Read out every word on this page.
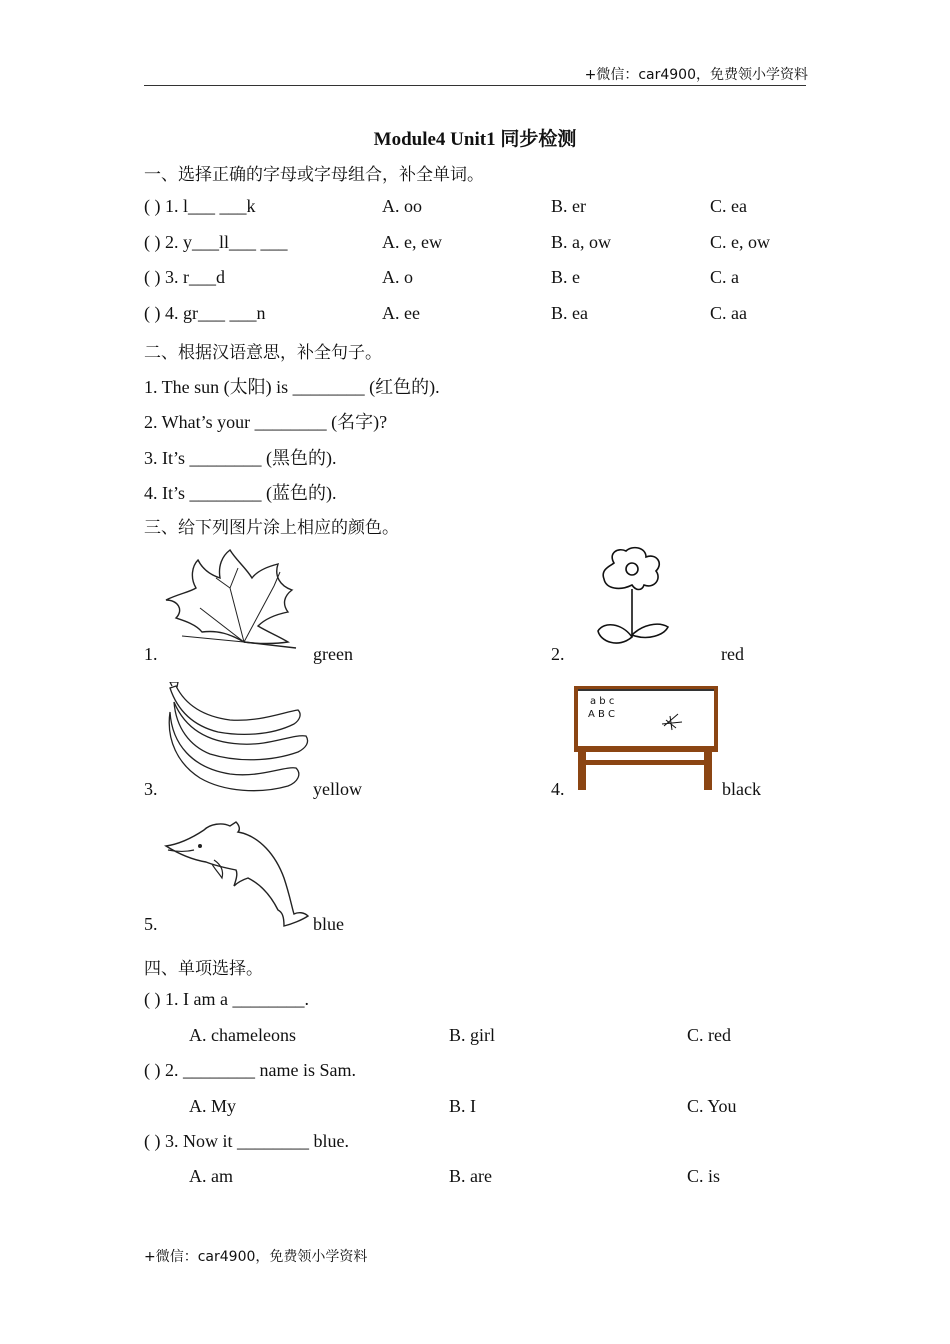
+微信：car4900，免费领小学资料
Module4 Unit1 同步检测
一、选择正确的字母或字母组合，补全单词。
( ) 1. l___ ___k	A. oo	B. er	C. ea
( ) 2. y___ll___ ___	A. e, ew	B. a, ow	C. e, ow
( ) 3. r___d	A. o	B. e	C. a
( ) 4. gr___ ___n	A. ee	B. ea	C. aa
二、根据汉语意思，补全句子。
1. The sun (太阳) is ________ (红色的).
2. What’s your ________ (名字)?
3. It’s ________ (黑色的).
4. It’s ________ (蓝色的).
三、给下列图片涂上相应的颜色。
1.	green	2.	red
3.	yellow	4.
a b c
A B C
black
5.	blue
四、单项选择。
( ) 1. I am a ________.
A. chameleons	B. girl	C. red
( ) 2. ________ name is Sam.
A. My	B. I	C. You
( ) 3. Now it ________ blue.
A. am	B. are	C. is
+微信：car4900，免费领小学资料
